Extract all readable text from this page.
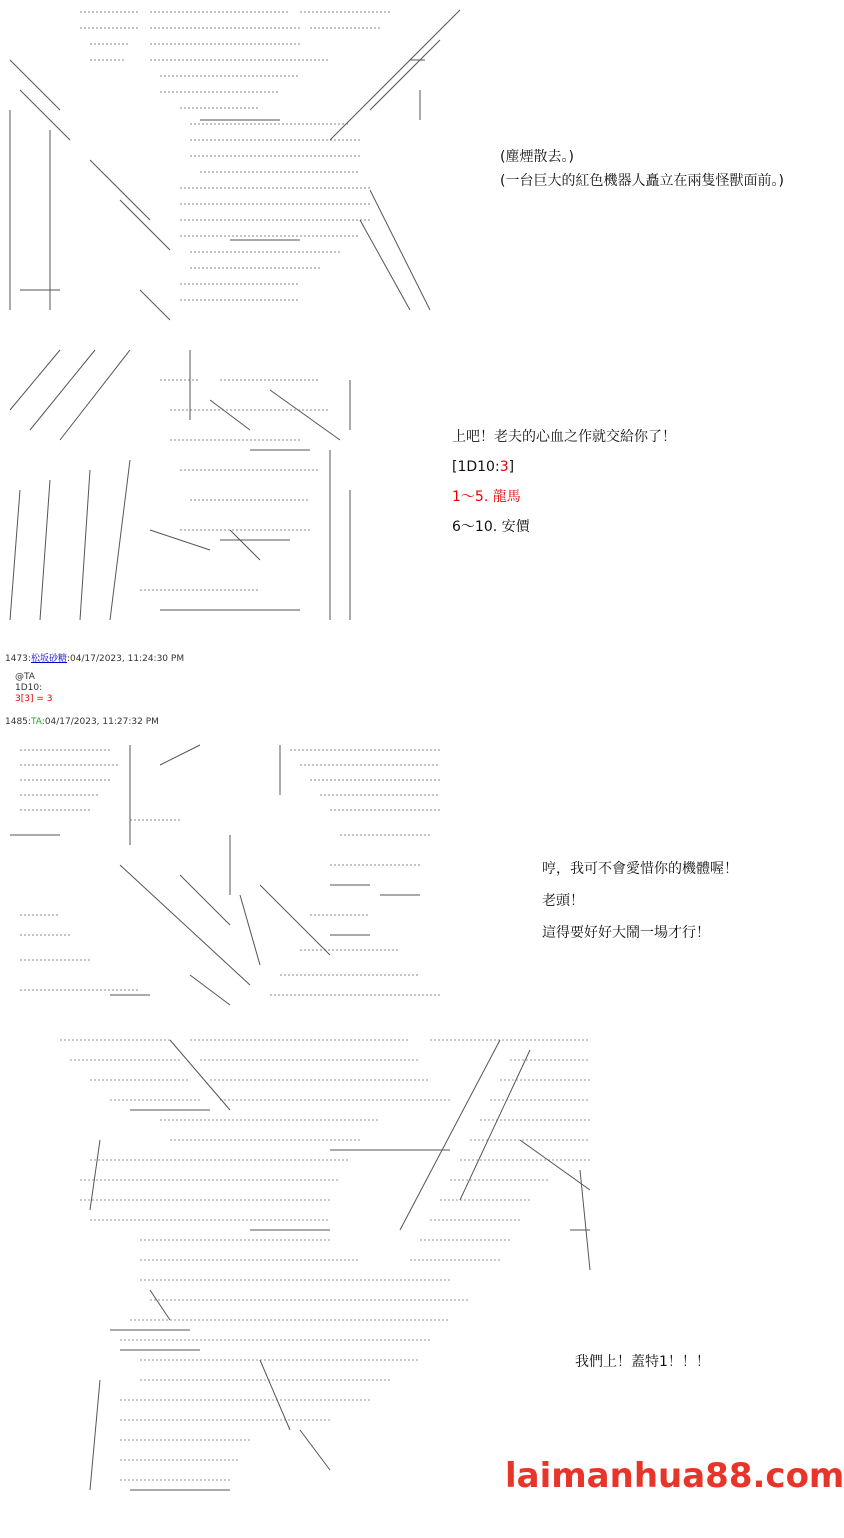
(塵煙散去。)
(一台巨大的紅色機器人矗立在兩隻怪獸面前。)
上吧！老夫的心血之作就交給你了！
[1D10:3]
1～5. 龍馬
6～10. 安價
1473:松坂砂糖:04/17/2023, 11:24:30 PM
@TA
1D10:
3[3] = 3
1485:TA:04/17/2023, 11:27:32 PM
哼，我可不會愛惜你的機體喔！
老頭！
這得要好好大鬧一場才行！
我們上！蓋特1！！！
laimanhua88.com
